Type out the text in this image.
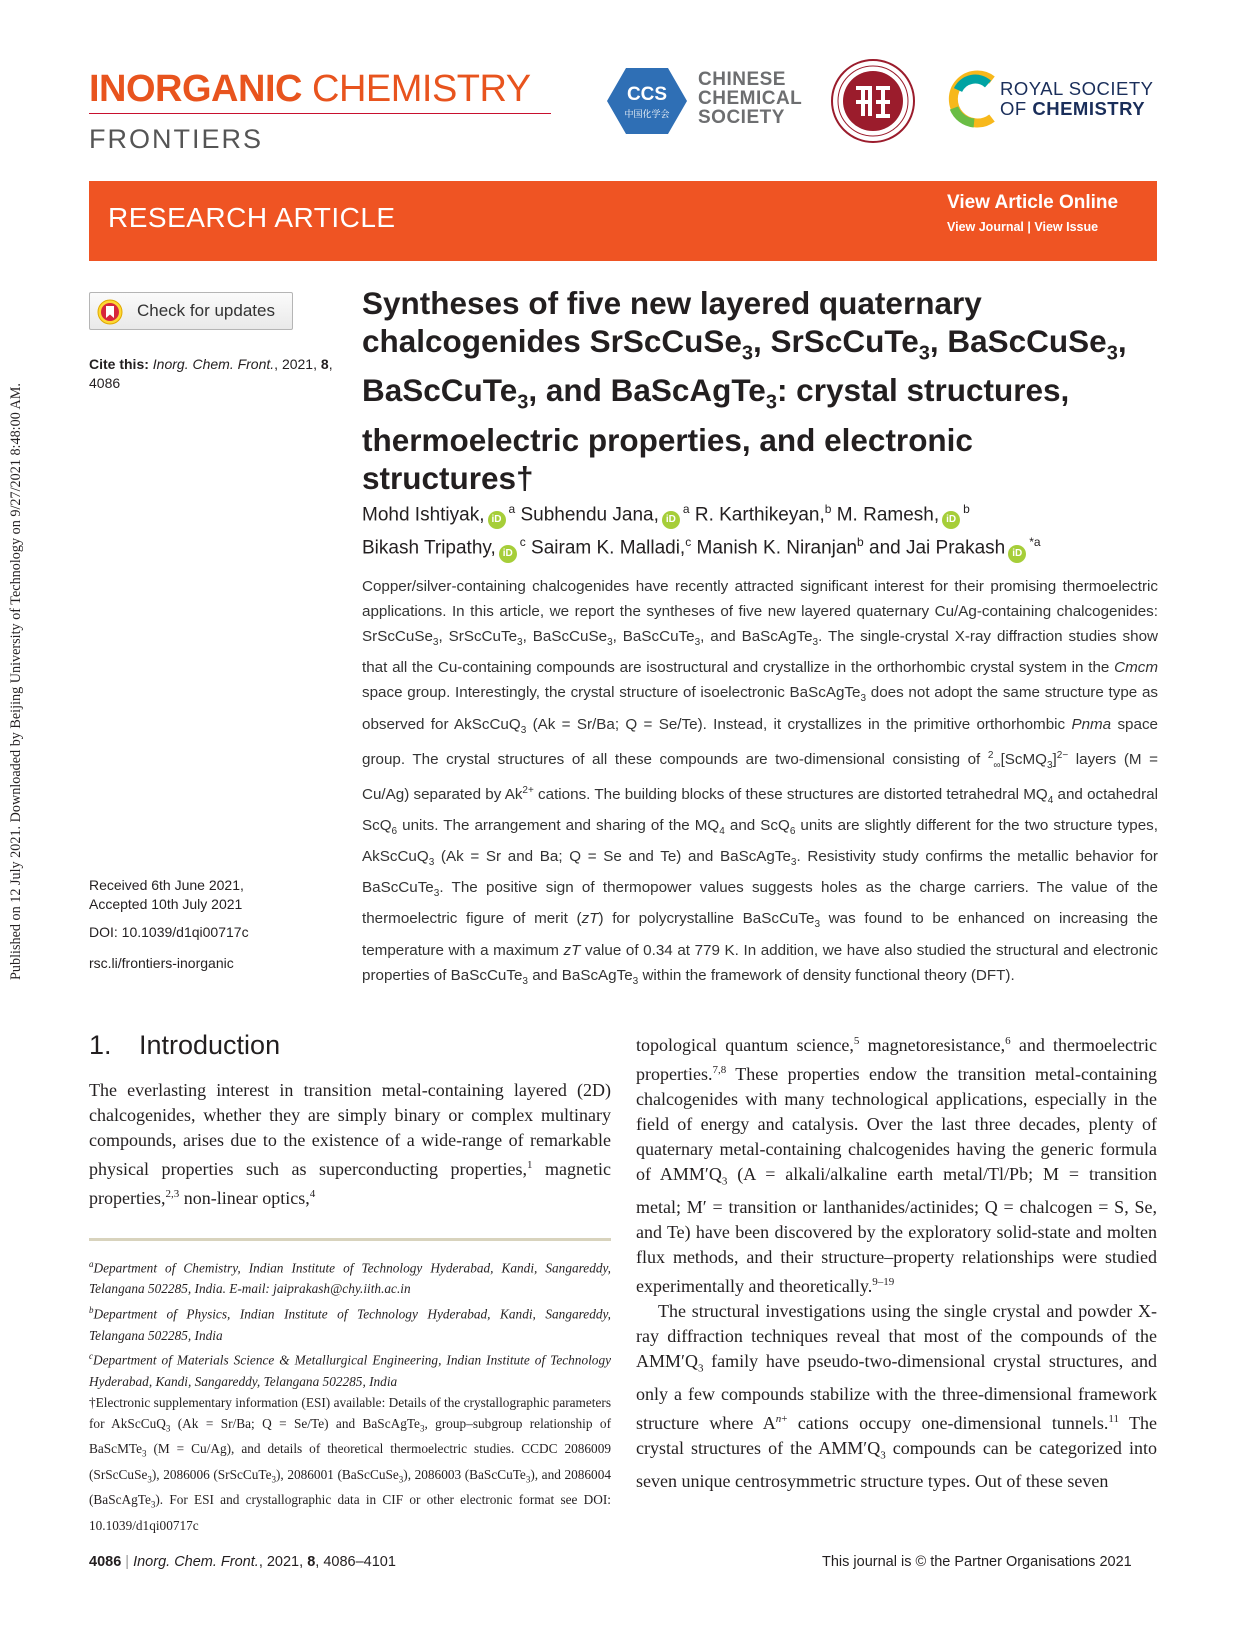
Published on 12 July 2021. Downloaded by Beijing University of Technology on 9/27/2021 8:48:00 AM.
INORGANIC CHEMISTRY
FRONTIERS
CCS
中国化学会
CHINESE
CHEMICAL
SOCIETY
ROYAL SOCIETY
OF CHEMISTRY
RESEARCH ARTICLE	View Article Online
View Journal | View Issue
Check for updates
Cite this: Inorg. Chem. Front., 2021, 8, 4086
Received 6th June 2021,
Accepted 10th July 2021
DOI: 10.1039/d1qi00717c
rsc.li/frontiers-inorganic
Syntheses of five new layered quaternary
chalcogenides SrScCuSe$_3$, SrScCuTe$_3$, BaScCuSe$_3$,
BaScCuTe$_3$, and BaScAgTe$_3$: crystal structures,
thermoelectric properties, and electronic
structures†
Mohd Ishtiyak, $iD^a$ Subhendu Jana, $iD^a$ R. Karthikeyan,$^b$ M. Ramesh, $iD^b$
Bikash Tripathy, $iD^c$ Sairam K. Malladi,$^c$ Manish K. Niranjan$^b$ and Jai Prakash $iD^{*a}$
Copper/silver-containing chalcogenides have recently attracted significant interest for their promising thermoelectric applications. In this article, we report the syntheses of five new layered quaternary Cu/Ag-containing chalcogenides: SrScCuSe$_3$, SrScCuTe$_3$, BaScCuSe$_3$, BaScCuTe$_3$, and BaScAgTe$_3$. The single-crystal X-ray diffraction studies show that all the Cu-containing compounds are isostructural and crystallize in the orthorhombic crystal system in the Cmcm space group. Interestingly, the crystal structure of isoelectronic BaScAgTe$_3$ does not adopt the same structure type as observed for AkScCuQ$_3$ (Ak = Sr/Ba; Q = Se/Te). Instead, it crystallizes in the primitive orthorhombic Pnma space group. The crystal structures of all these compounds are two-dimensional consisting of $^2_\infty$[ScMQ$_3$]$^{2-}$ layers (M = Cu/Ag) separated by $Ak^{2+}$ cations. The building blocks of these structures are distorted tetrahedral $MQ_4$ and octahedral ScQ$_6$ units. The arrangement and sharing of the $MQ_4$ and ScQ$_6$ units are slightly different for the two structure types, AkScCuQ$_3$ (Ak = Sr and Ba; Q = Se and Te) and BaScAgTe$_3$. Resistivity study confirms the metallic behavior for BaScCuTe$_3$. The positive sign of thermopower values suggests holes as the charge carriers. The value of the thermoelectric figure of merit (zT) for polycrystalline BaScCuTe$_3$ was found to be enhanced on increasing the temperature with a maximum zT value of 0.34 at 779 K. In addition, we have also studied the structural and electronic properties of BaScCuTe$_3$ and BaScAgTe$_3$ within the framework of density functional theory (DFT).
1. Introduction
The everlasting interest in transition metal-containing layered (2D) chalcogenides, whether they are simply binary or complex multinary compounds, arises due to the existence of a wide-range of remarkable physical properties such as superconducting properties,$^1$ magnetic properties,$^{2,3}$ non-linear optics,$^4$
$^a$Department of Chemistry, Indian Institute of Technology Hyderabad, Kandi, Sangareddy, Telangana 502285, India. E-mail: jaiprakash@chy.iith.ac.in
$^b$Department of Physics, Indian Institute of Technology Hyderabad, Kandi, Sangareddy, Telangana 502285, India
$^c$Department of Materials Science & Metallurgical Engineering, Indian Institute of Technology Hyderabad, Kandi, Sangareddy, Telangana 502285, India
†Electronic supplementary information (ESI) available: Details of the crystallographic parameters for AkScCuQ$_3$ (Ak = Sr/Ba; Q = Se/Te) and BaScAgTe$_3$, group–subgroup relationship of BaScMTe$_3$ (M = Cu/Ag), and details of theoretical thermoelectric studies. CCDC 2086009 (SrScCuSe$_3$), 2086006 (SrScCuTe$_3$), 2086001 (BaScCuSe$_3$), 2086003 (BaScCuTe$_3$), and 2086004 (BaScAgTe$_3$). For ESI and crystallographic data in CIF or other electronic format see DOI: 10.1039/d1qi00717c

topological quantum science,$^5$ magnetoresistance,$^6$ and thermoelectric properties.$^{7,8}$ These properties endow the transition metal-containing chalcogenides with many technological applications, especially in the field of energy and catalysis. Over the last three decades, plenty of quaternary metal-containing chalcogenides having the generic formula of $AMM'Q_3$ (A = alkali/alkaline earth metal/Tl/Pb; M = transition metal; M′ = transition or lanthanides/actinides; Q = chalcogen = S, Se, and Te) have been discovered by the exploratory solid-state and molten flux methods, and their structure–property relationships were studied experimentally and theoretically.$^{9-19}$

The structural investigations using the single crystal and powder X-ray diffraction techniques reveal that most of the compounds of the $AMM'Q_3$ family have pseudo-two-dimensional crystal structures, and only a few compounds stabilize with the three-dimensional framework structure where $A^{n+}$ cations occupy one-dimensional tunnels.$^{11}$ The crystal structures of the $AMM'Q_3$ compounds can be categorized into seven unique centrosymmetric structure types. Out of these seven

4086 | Inorg. Chem. Front., 2021, 8, 4086–4101	This journal is © the Partner Organisations 2021
